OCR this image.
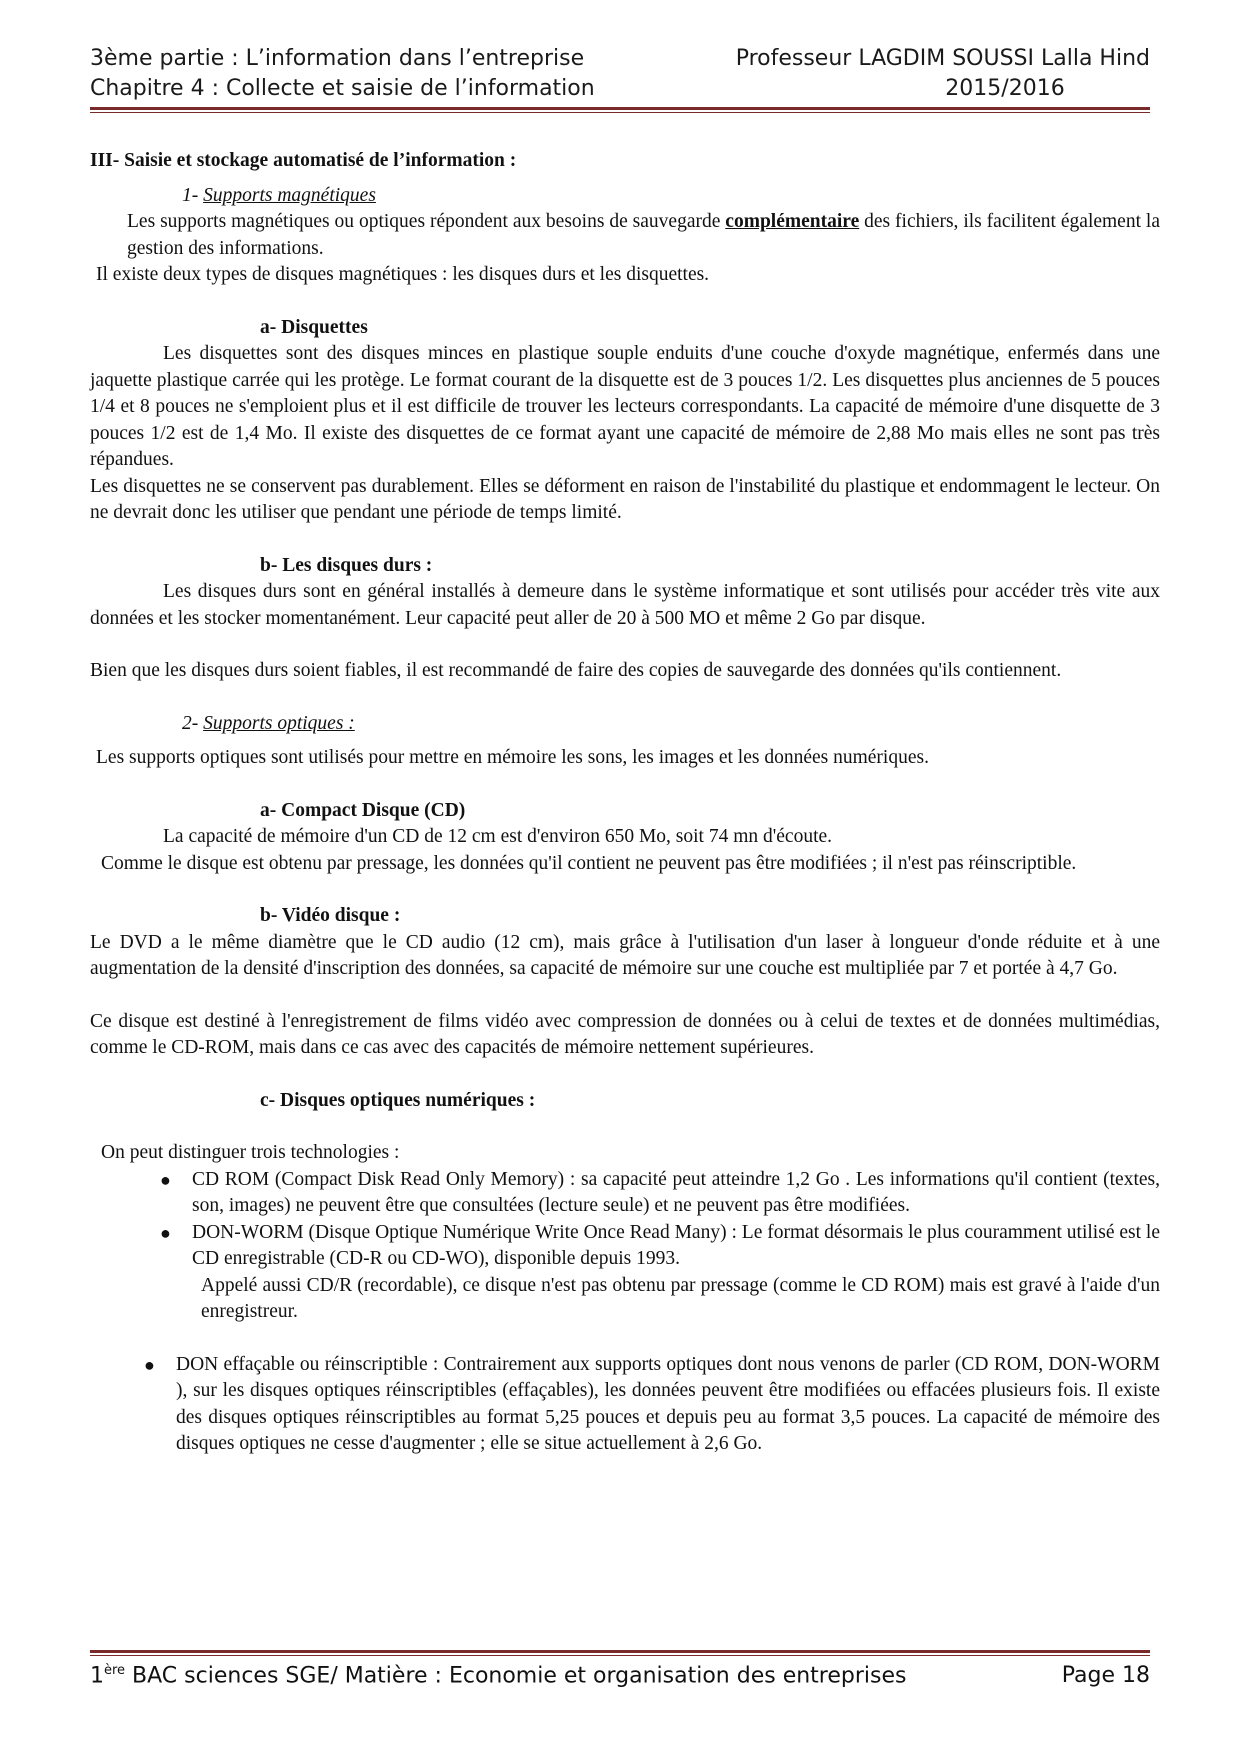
3ème partie : L’information dans l’entreprise	Professeur LAGDIM SOUSSI Lalla Hind
Chapitre 4 : Collecte et saisie de l’information	2015/2016

III- Saisie et stockage automatisé de l’information :

1- Supports magnétiques

Les supports magnétiques ou optiques répondent aux besoins de sauvegarde complémentaire des fichiers, ils facilitent également la gestion des informations.

Il existe deux types de disques magnétiques : les disques durs et les disquettes.

a- Disquettes

Les disquettes sont des disques minces en plastique souple enduits d'une couche d'oxyde magnétique, enfermés dans une jaquette plastique carrée qui les protège. Le format courant de la disquette est de 3 pouces 1/2. Les disquettes plus anciennes de 5 pouces 1/4 et 8 pouces ne s'emploient plus et il est difficile de trouver les lecteurs correspondants. La capacité de mémoire d'une disquette de 3 pouces 1/2 est de 1,4 Mo. Il existe des disquettes de ce format ayant une capacité de mémoire de 2,88 Mo mais elles ne sont pas très répandues.

Les disquettes ne se conservent pas durablement. Elles se déforment en raison de l'instabilité du plastique et endommagent le lecteur. On ne devrait donc les utiliser que pendant une période de temps limité.

b- Les disques durs :

Les disques durs sont en général installés à demeure dans le système informatique et sont utilisés pour accéder très vite aux données et les stocker momentanément. Leur capacité peut aller de 20 à 500 MO et même 2 Go par disque.

Bien que les disques durs soient fiables, il est recommandé de faire des copies de sauvegarde des données qu'ils contiennent.

2- Supports optiques :

Les supports optiques sont utilisés pour mettre en mémoire les sons, les images et les données numériques.

a- Compact Disque (CD)

La capacité de mémoire d'un CD de 12 cm est d'environ 650 Mo, soit 74 mn d'écoute.

Comme le disque est obtenu par pressage, les données qu'il contient ne peuvent pas être modifiées ; il n'est pas réinscriptible.

b- Vidéo disque :

Le DVD a le même diamètre que le CD audio (12 cm), mais grâce à l'utilisation d'un laser à longueur d'onde réduite et à une augmentation de la densité d'inscription des données, sa capacité de mémoire sur une couche est multipliée par 7 et portée à 4,7 Go.

Ce disque est destiné à l'enregistrement de films vidéo avec compression de données ou à celui de textes et de données multimédias, comme le CD-ROM, mais dans ce cas avec des capacités de mémoire nettement supérieures.

c- Disques optiques numériques :

On peut distinguer trois technologies :

● CD ROM (Compact Disk Read Only Memory) : sa capacité peut atteindre 1,2 Go . Les informations qu'il contient (textes, son, images) ne peuvent être que consultées (lecture seule) et ne peuvent pas être modifiées.
● DON-WORM (Disque Optique Numérique Write Once Read Many) : Le format désormais le plus couramment utilisé est le CD enregistrable (CD-R ou CD-WO), disponible depuis 1993.

Appelé aussi CD/R (recordable), ce disque n'est pas obtenu par pressage (comme le CD ROM) mais est gravé à l'aide d'un enregistreur.

● DON effaçable ou réinscriptible : Contrairement aux supports optiques dont nous venons de parler (CD ROM, DON-WORM ), sur les disques optiques réinscriptibles (effaçables), les données peuvent être modifiées ou effacées plusieurs fois. Il existe des disques optiques réinscriptibles au format 5,25 pouces et depuis peu au format 3,5 pouces. La capacité de mémoire des disques optiques ne cesse d'augmenter ; elle se situe actuellement à 2,6 Go.
1ère BAC sciences SGE/ Matière : Economie et organisation des entreprises	Page 18
